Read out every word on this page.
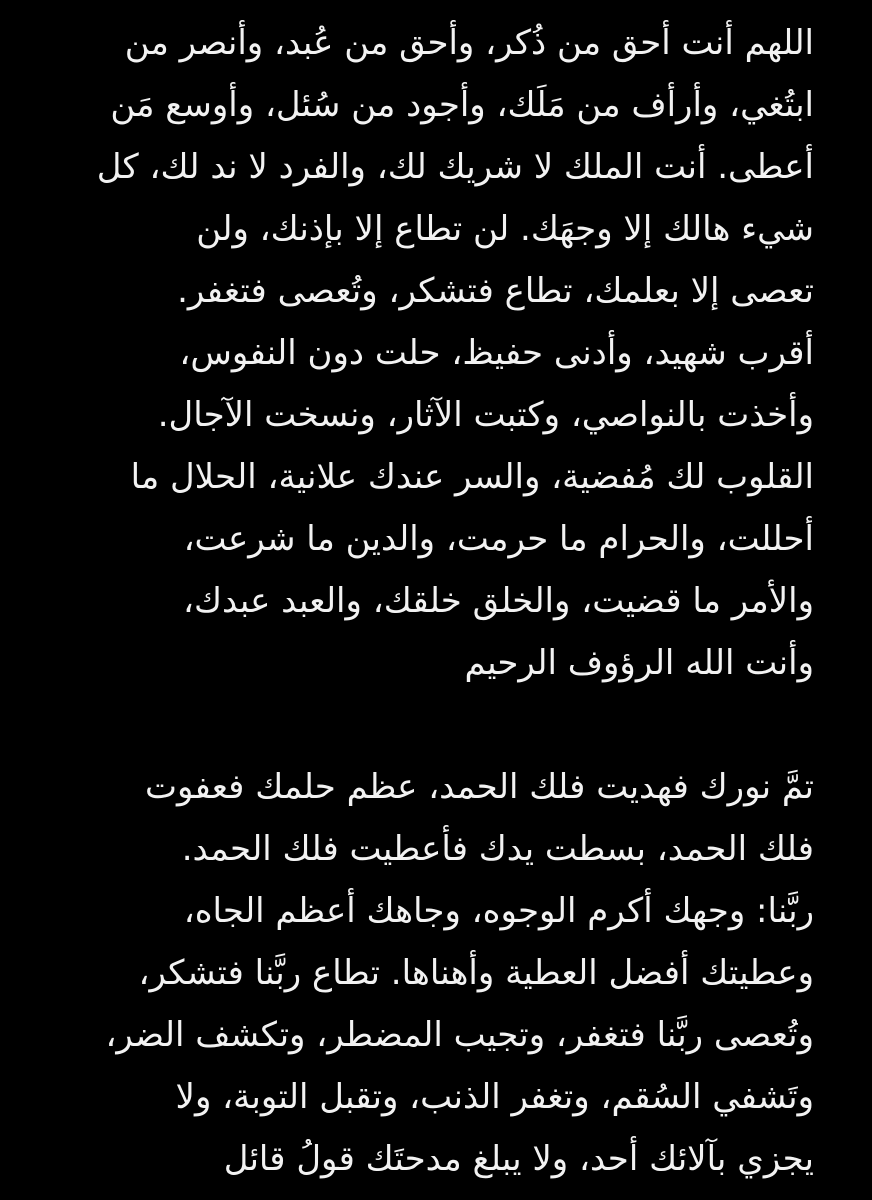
اللهم أنت أحق من ذُكر، وأحق من عُبد، وأنصر من
ابتُغي، وأرأف من مَلَك، وأجود من سُئل، وأوسع مَن
أعطى. أنت الملك لا شريك لك، والفرد لا ند لك، كل
شيء هالك إلا وجهَك. لن تطاع إلا بإذنك، ولن
تعصى إلا بعلمك، تطاع فتشكر، وتُعصى فتغفر.
أقرب شهيد، وأدنى حفيظ، حلت دون النفوس،
وأخذت بالنواصي، وكتبت الآثار، ونسخت الآجال.
القلوب لك مُفضية، والسر عندك علانية، الحلال ما
أحللت، والحرام ما حرمت، والدين ما شرعت،
والأمر ما قضيت، والخلق خلقك، والعبد عبدك،
وأنت الله الرؤوف الرحيم
تمَّ نورك فهديت فلك الحمد، عظم حلمك فعفوت
فلك الحمد، بسطت يدك فأعطيت فلك الحمد.
ربَّنا: وجهك أكرم الوجوه، وجاهك أعظم الجاه،
وعطيتك أفضل العطية وأهناها. تطاع ربَّنا فتشكر،
وتُعصى ربَّنا فتغفر، وتجيب المضطر، وتكشف الضر،
وتَشفي السُقم، وتغفر الذنب، وتقبل التوبة، ولا
يجزي بآلائك أحد، ولا يبلغ مدحتَك قولُ قائل
